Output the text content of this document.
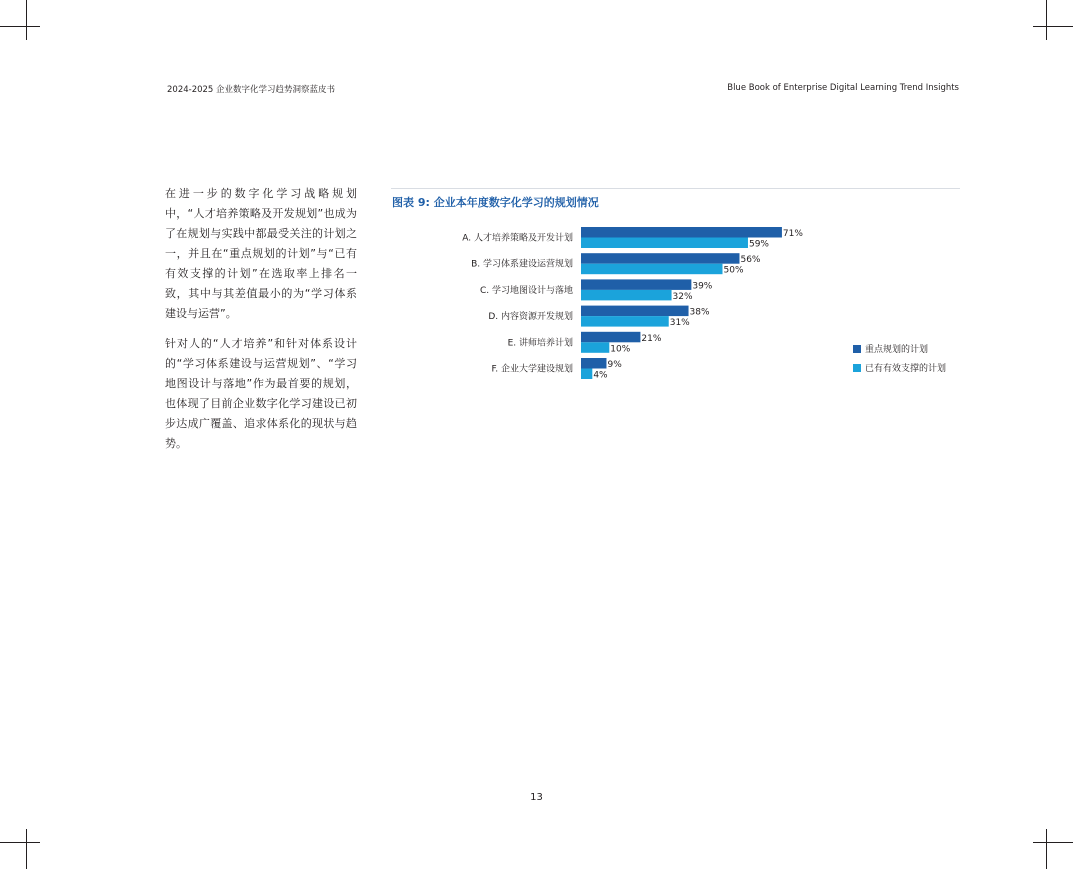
2024-2025 企业数字化学习趋势洞察蓝皮书	Blue Book of Enterprise Digital Learning Trend Insights
在进一步的数字化学习战略规划中，“人才培养策略及开发规划”也成为了在规划与实践中都最受关注的计划之一，并且在“重点规划的计划”与“已有有效支撑的计划”在选取率上排名一致，其中与其差值最小的为“学习体系建设与运营”。
针对人的“人才培养”和针对体系设计的“学习体系建设与运营规划”、“学习地图设计与落地”作为最首要的规划，也体现了目前企业数字化学习建设已初步达成广覆盖、追求体系化的现状与趋势。
图表 9: 企业本年度数字化学习的规划情况
A. 人才培养策略及开发计划	71%
59%
B. 学习体系建设运营规划	56%
50%
C. 学习地图设计与落地	39%
32%
D. 内容资源开发规划	38%
31%
E. 讲师培养计划	21%
10%
F. 企业大学建设规划	9%
4%
重点规划的计划
已有有效支撑的计划
13
